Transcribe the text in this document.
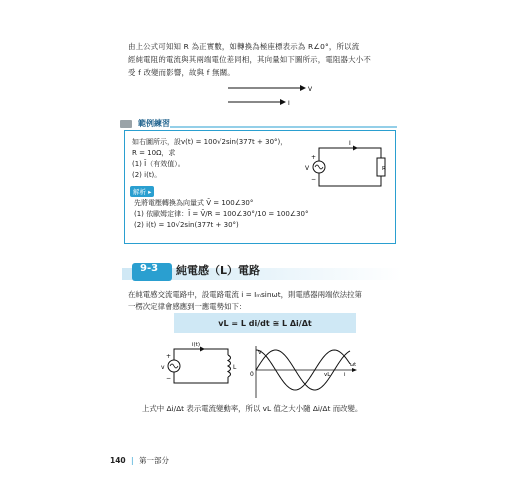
由上公式可知知 R 為正實數，如轉換為極座標表示為 R∠0°，所以流

經純電阻的電流與其兩端電位差同相，其向量如下圖所示，電阻器大小不

受 f 改變而影響，故與 f 無關。

V
I
範例練習
如右圖所示，設v(t) = 100√2sin(377t + 30°)，
R = 10Ω，求
(1) Ī（有效值）。
(2) i(t)。
I
V
+
−
R
解析 ▸
先將電壓轉換為向量式 V̄ = 100∠30°
(1) 依歐姆定律：Ī = V̄/R = 100∠30°/10 = 100∠30°
(2) i(t) = 10√2sin(377t + 30°)
9-3 純電感（L）電路

在純電感交流電路中，設電路電流 i = Iₘsinωt，則電感器兩端依法拉第

一楞次定律會感應到一應電勢如下：

vL = L di/dt ≅ L Δi/Δt
i(t)
v
+
−
L
v
0	i
vL
ωt
上式中 Δi/Δt 表示電流變動率，所以 vL 值之大小隨 Δi/Δt 而改變。
140 | 第一部分
